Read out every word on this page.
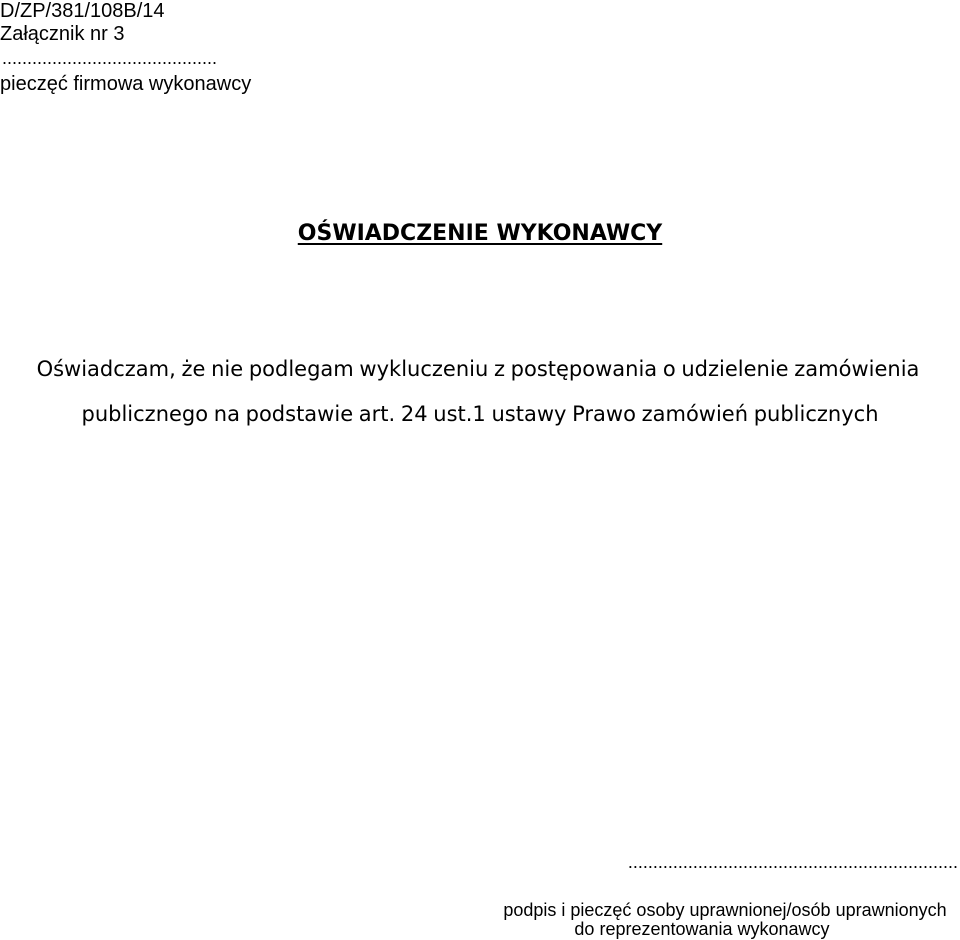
D/ZP/381/108B/14
Załącznik nr 3
...........................................
pieczęć firmowa wykonawcy
OŚWIADCZENIE WYKONAWCY
Oświadczam, że nie podlegam wykluczeniu z postępowania o udzielenie zamówienia
publicznego na podstawie art. 24 ust.1 ustawy Prawo zamówień publicznych
..................................................................
podpis i pieczęć osoby uprawnionej/osób uprawnionych
do reprezentowania wykonawcy
